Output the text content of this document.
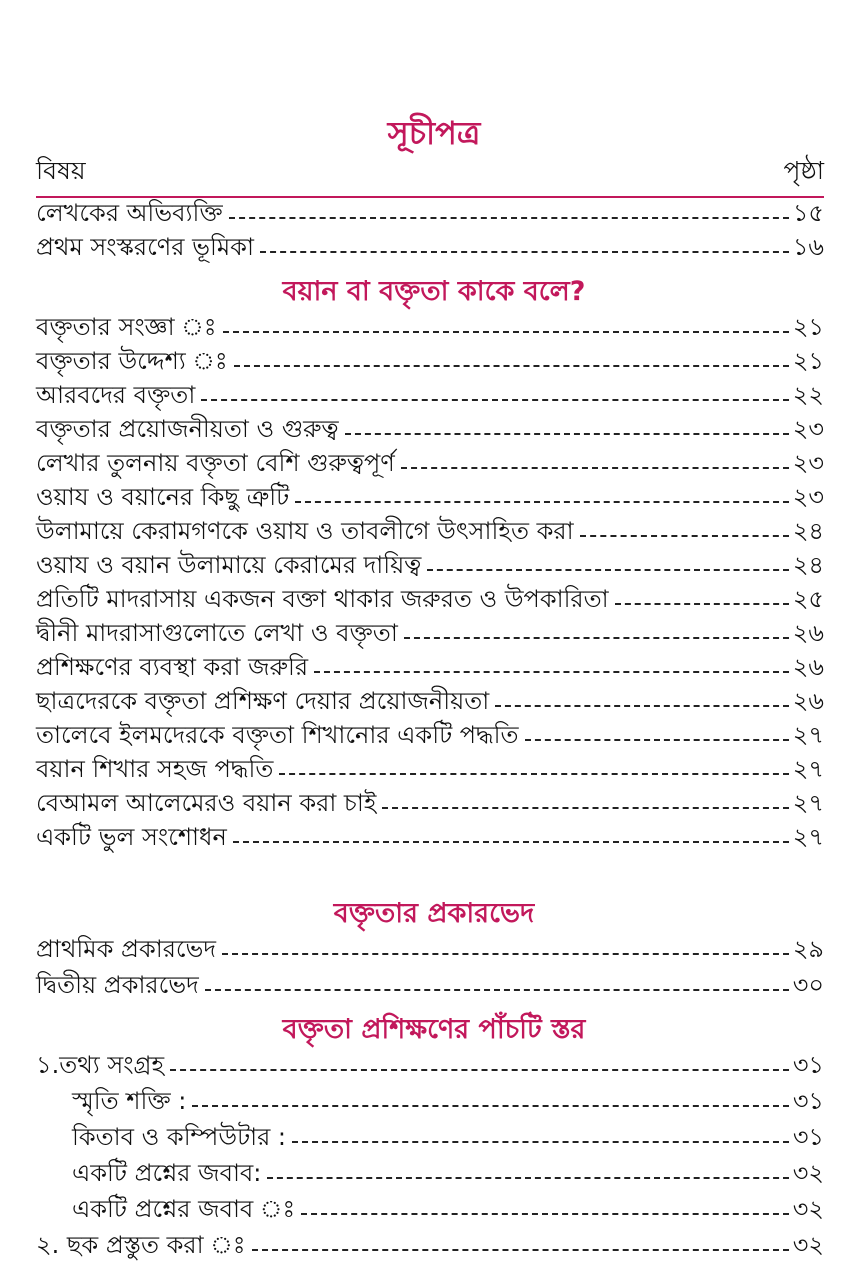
সূচীপত্র
বিষয়	পৃষ্ঠা
লেখকের অভিব্যক্তি	১৫
প্রথম সংস্করণের ভূমিকা	১৬
বয়ান বা বক্তৃতা কাকে বলে?
বক্তৃতার সংজ্ঞা ঃ	২১
বক্তৃতার উদ্দেশ্য ঃ	২১
আরবদের বক্তৃতা	২২
বক্তৃতার প্রয়োজনীয়তা ও গুরুত্ব	২৩
লেখার তুলনায় বক্তৃতা বেশি গুরুত্বপূর্ণ	২৩
ওয়ায ও বয়ানের কিছু ত্রুটি	২৩
উলামায়ে কেরামগণকে ওয়ায ও তাবলীগে উৎসাহিত করা	২৪
ওয়ায ও বয়ান উলামায়ে কেরামের দায়িত্ব	২৪
প্রতিটি মাদরাসায় একজন বক্তা থাকার জরুরত ও উপকারিতা	২৫
দ্বীনী মাদরাসাগুলোতে লেখা ও বক্তৃতা	২৬
প্রশিক্ষণের ব্যবস্থা করা জরুরি	২৬
ছাত্রদেরকে বক্তৃতা প্রশিক্ষণ দেয়ার প্রয়োজনীয়তা	২৬
তালেবে ইলমদেরকে বক্তৃতা শিখানোর একটি পদ্ধতি	২৭
বয়ান শিখার সহজ পদ্ধতি	২৭
বেআমল আলেমেরও বয়ান করা চাই	২৭
একটি ভুল সংশোধন	২৭
বক্তৃতার প্রকারভেদ
প্রাথমিক প্রকারভেদ	২৯
দ্বিতীয় প্রকারভেদ	৩০
বক্তৃতা প্রশিক্ষণের পাঁচটি স্তর
১.তথ্য সংগ্রহ	৩১
স্মৃতি শক্তি :	৩১
কিতাব ও কম্পিউটার :	৩১
একটি প্রশ্নের জবাব:	৩২
একটি প্রশ্নের জবাব ঃ	৩২
২. ছক প্রস্তুত করা ঃ	৩২
